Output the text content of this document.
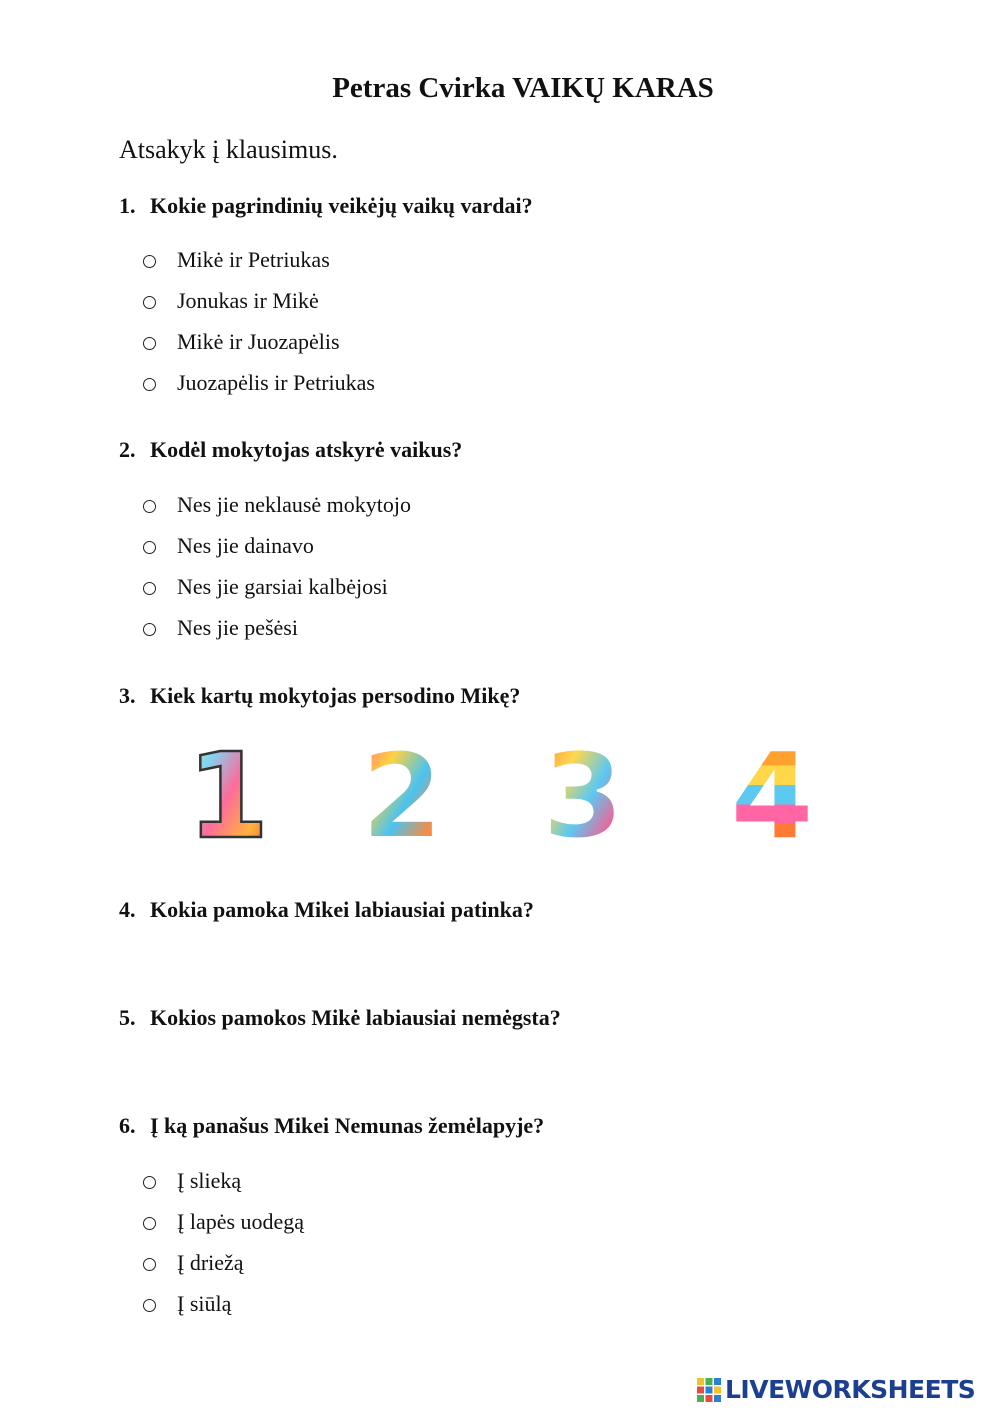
Petras Cvirka VAIKŲ KARAS
Atsakyk į klausimus.
1. Kokie pagrindinių veikėjų vaikų vardai?
Mikė ir Petriukas
Jonukas ir Mikė
Mikė ir Juozapėlis
Juozapėlis ir Petriukas
2. Kodėl mokytojas atskyrė vaikus?
Nes jie neklausė mokytojo
Nes jie dainavo
Nes jie garsiai kalbėjosi
Nes jie pešėsi
3. Kiek kartų mokytojas persodino Mikę?
1 2 3 4
4. Kokia pamoka Mikei labiausiai patinka?
5. Kokios pamokos Mikė labiausiai nemėgsta?
6. Į ką panašus Mikei Nemunas žemėlapyje?
Į slieką
Į lapės uodegą
Į driežą
Į siūlą
LIVEWORKSHEETS
